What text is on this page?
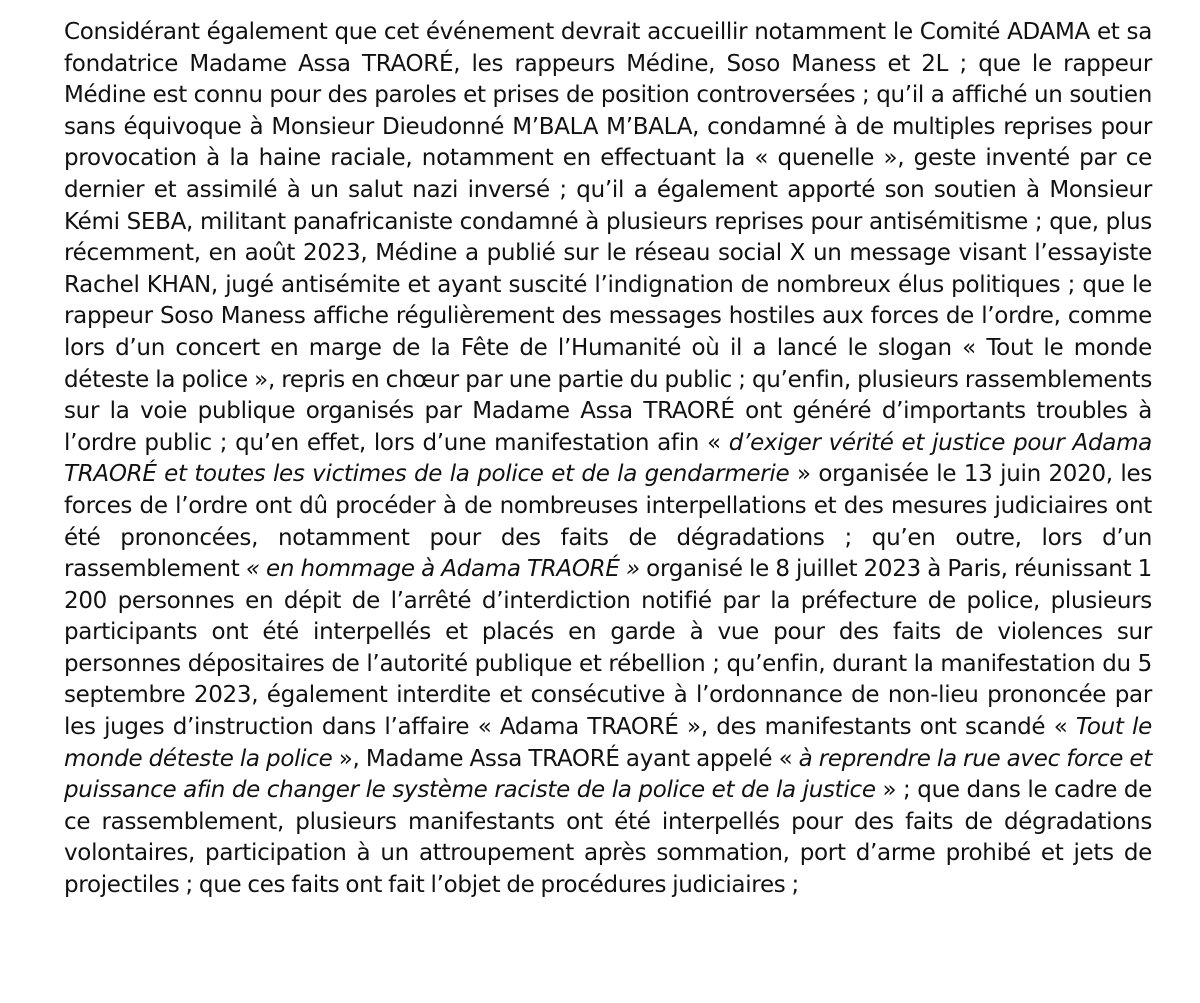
Considérant également que cet événement devrait accueillir notamment le Comité ADAMA et sa fondatrice Madame Assa TRAORÉ, les rappeurs Médine, Soso Maness et 2L ; que le rappeur Médine est connu pour des paroles et prises de position controversées ; qu’il a affiché un soutien sans équivoque à Monsieur Dieudonné M’BALA M’BALA, condamné à de multiples reprises pour provocation à la haine raciale, notamment en effectuant la « quenelle », geste inventé par ce dernier et assimilé à un salut nazi inversé ; qu’il a également apporté son soutien à Monsieur Kémi SEBA, militant panafricaniste condamné à plusieurs reprises pour antisémitisme ; que, plus récemment, en août 2023, Médine a publié sur le réseau social X un message visant l’essayiste Rachel KHAN, jugé antisémite et ayant suscité l’indignation de nombreux élus politiques ; que le rappeur Soso Maness affiche régulièrement des messages hostiles aux forces de l’ordre, comme lors d’un concert en marge de la Fête de l’Humanité où il a lancé le slogan « Tout le monde déteste la police », repris en chœur par une partie du public ; qu’enfin, plusieurs rassemblements sur la voie publique organisés par Madame Assa TRAORÉ ont généré d’importants troubles à l’ordre public ; qu’en effet, lors d’une manifestation afin « d’exiger vérité et justice pour Adama TRAORÉ et toutes les victimes de la police et de la gendarmerie » organisée le 13 juin 2020, les forces de l’ordre ont dû procéder à de nombreuses interpellations et des mesures judiciaires ont été prononcées, notamment pour des faits de dégradations ; qu’en outre, lors d’un rassemblement « en hommage à Adama TRAORÉ » organisé le 8 juillet 2023 à Paris, réunissant 1 200 personnes en dépit de l’arrêté d’interdiction notifié par la préfecture de police, plusieurs participants ont été interpellés et placés en garde à vue pour des faits de violences sur personnes dépositaires de l’autorité publique et rébellion ; qu’enfin, durant la manifestation du 5 septembre 2023, également interdite et consécutive à l’ordonnance de non-lieu prononcée par les juges d’instruction dans l’affaire « Adama TRAORÉ », des manifestants ont scandé « Tout le monde déteste la police », Madame Assa TRAORÉ ayant appelé « à reprendre la rue avec force et puissance afin de changer le système raciste de la police et de la justice » ; que dans le cadre de ce rassemblement, plusieurs manifestants ont été interpellés pour des faits de dégradations volontaires, participation à un attroupement après sommation, port d’arme prohibé et jets de projectiles ; que ces faits ont fait l’objet de procédures judiciaires ;
